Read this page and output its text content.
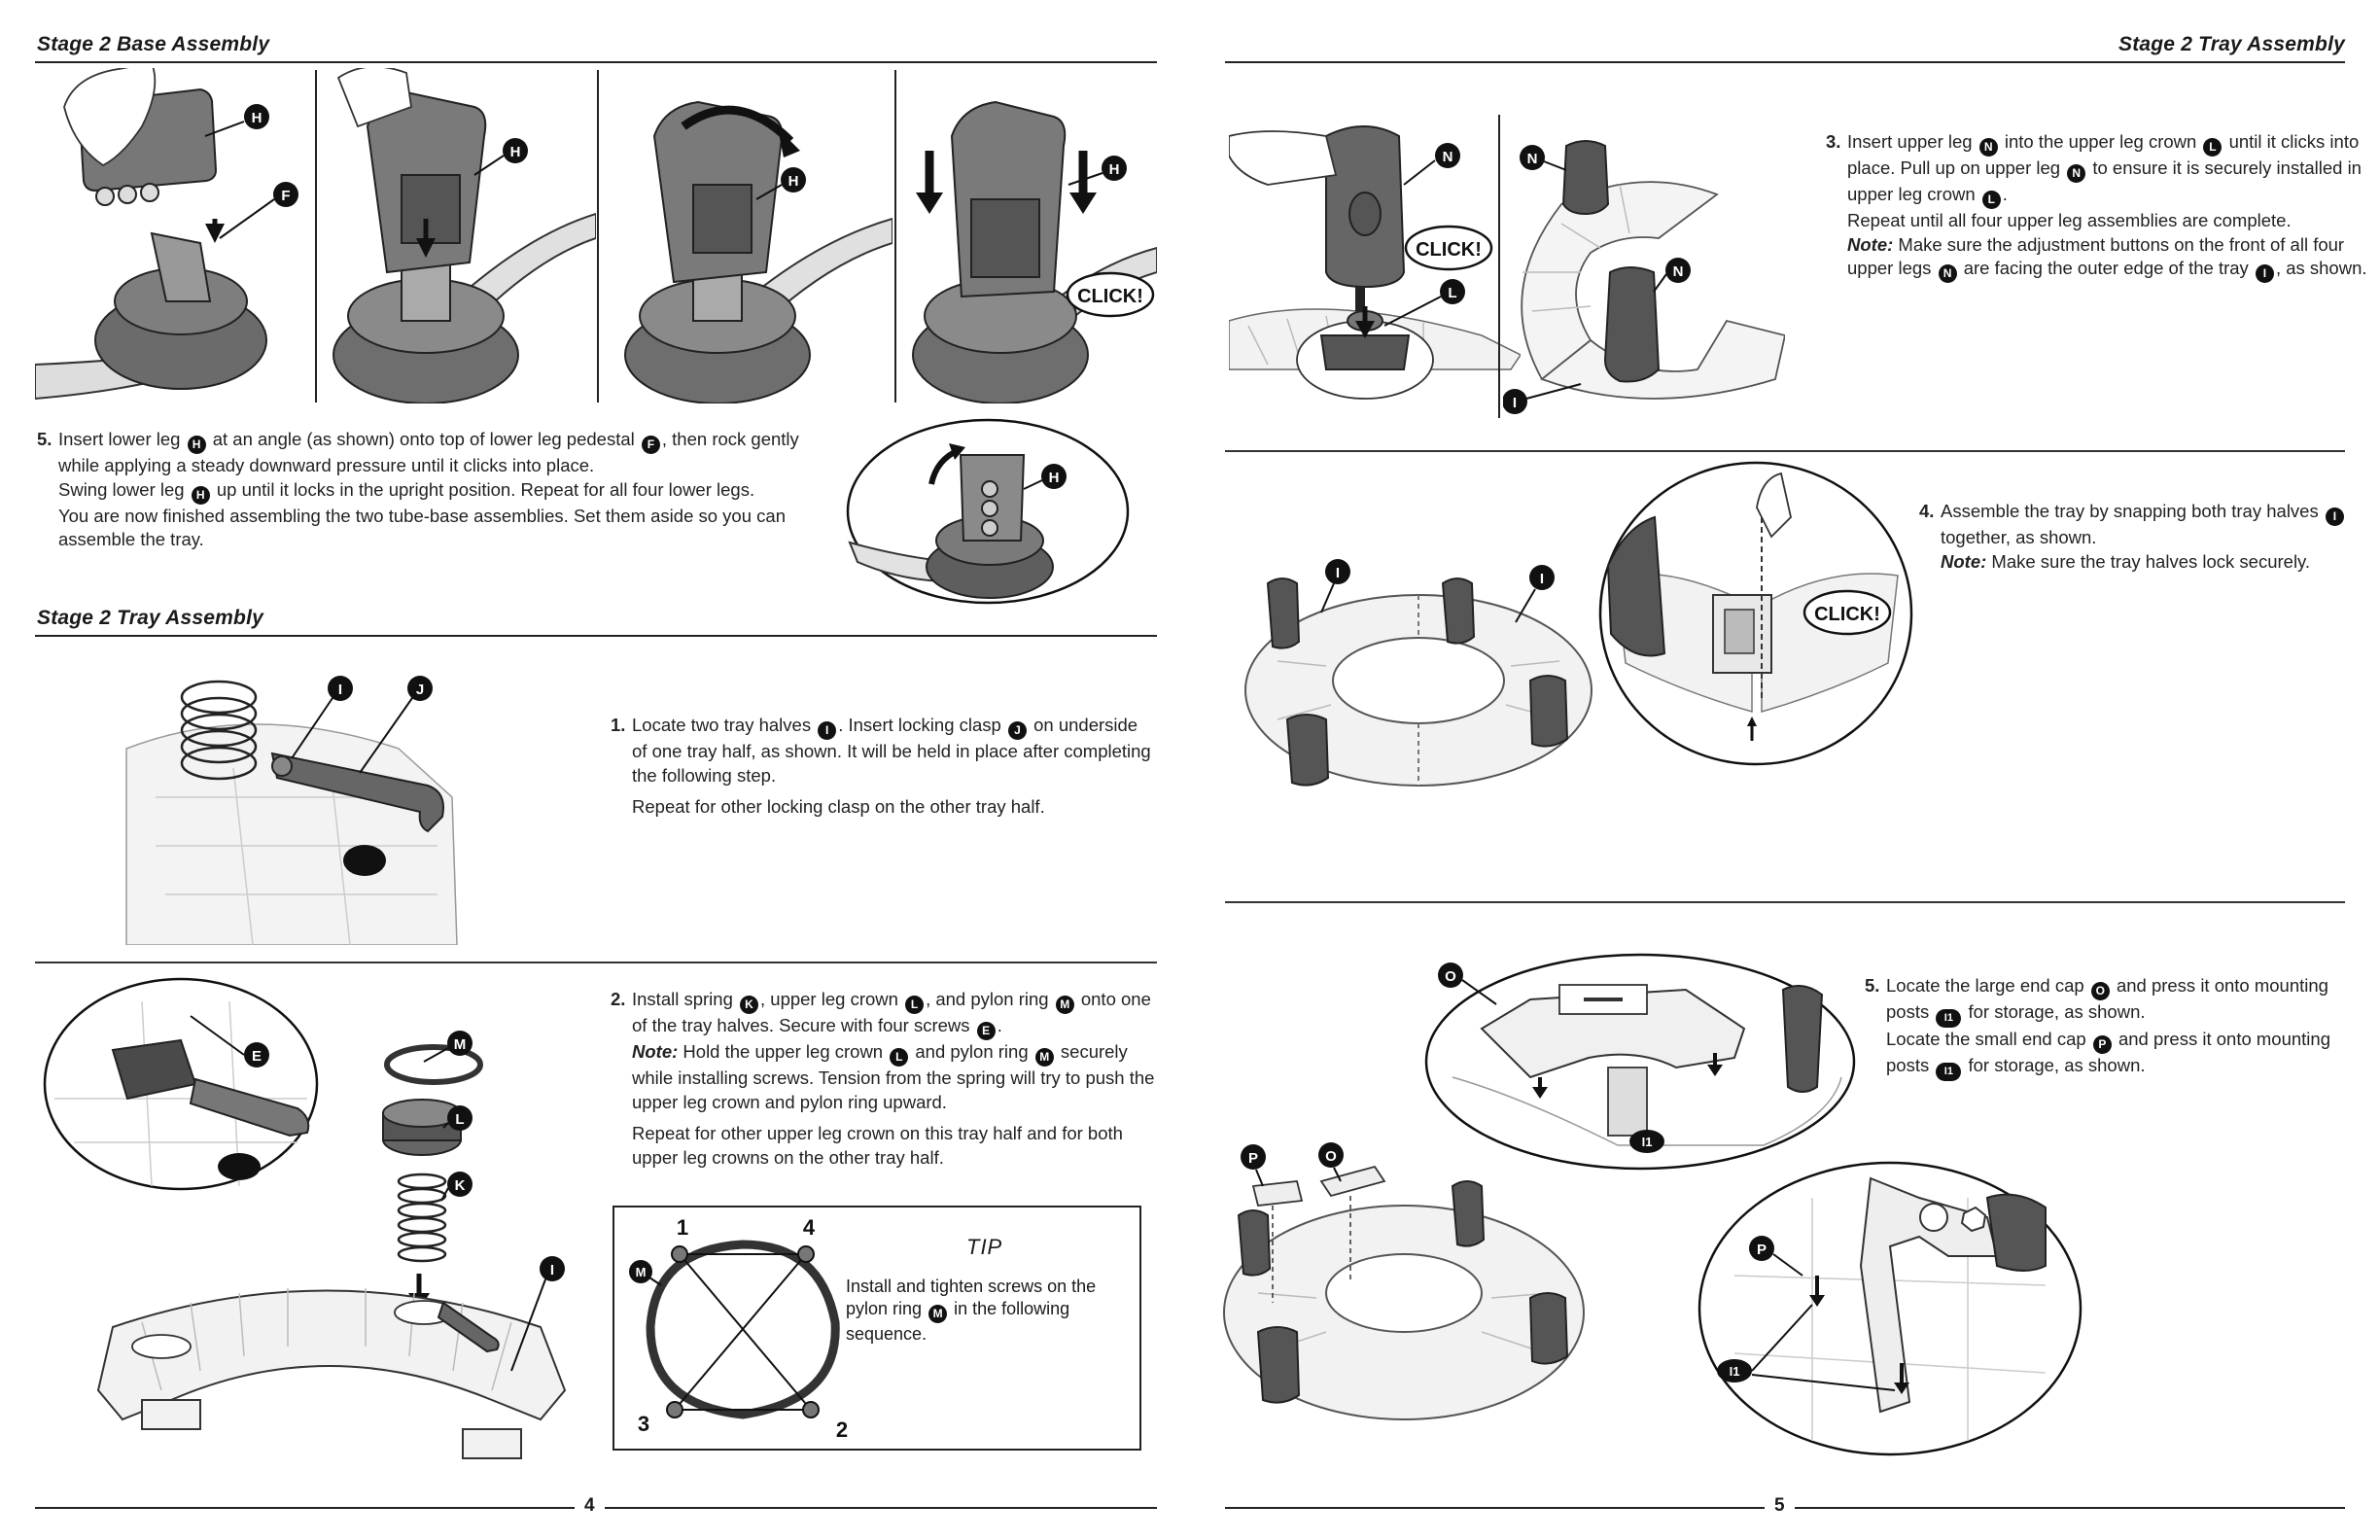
Stage 2 Base Assembly
H
F
H
H
H
CLICK!
5. Insert lower leg H at an angle (as shown) onto top of lower leg pedestal F , then rock gently while applying a steady downward pressure until it clicks into place.

Swing lower leg H up until it locks in the upright position. Repeat for all four lower legs.

You are now finished assembling the two tube-base assemblies. Set them aside so you can assemble the tray.

H
Stage 2 Tray Assembly
I	J
1. Locate two tray halves I . Insert locking clasp J on underside of one tray half, as shown. It will be held in place after completing the following step.

Repeat for other locking clasp on the other tray half.

E
M
L
K
I
2. Install spring K , upper leg crown L , and pylon ring M onto one of the tray halves. Secure with four screws E .
Note: Hold the upper leg crown L and pylon ring M securely while installing screws. Tension from the spring will try to push the upper leg crown and pylon ring upward.

Repeat for other upper leg crown on this tray half and for both upper leg crowns on the other tray half.

1	4
3	2
M
TIP
Install and tighten screws on the pylon ring M in the following sequence.
4
Stage 2 Tray Assembly
N
CLICK!
L
N
N
I
3. Insert upper leg N into the upper leg crown L until it clicks into place. Pull up on upper leg N to ensure it is securely installed in upper leg crown L .

Repeat until all four upper leg assemblies are complete.

Note: Make sure the adjustment buttons on the front of all four upper legs N are facing the outer edge of the tray I , as shown.

I	I
CLICK!
4. Assemble the tray by snapping both tray halves I together, as shown.

Note: Make sure the tray halves lock securely.

O
I1
P	O
P
I1
5. Locate the large end cap O and press it onto mounting posts I1 for storage, as shown.

Locate the small end cap P and press it onto mounting posts I1 for storage, as shown.

5
